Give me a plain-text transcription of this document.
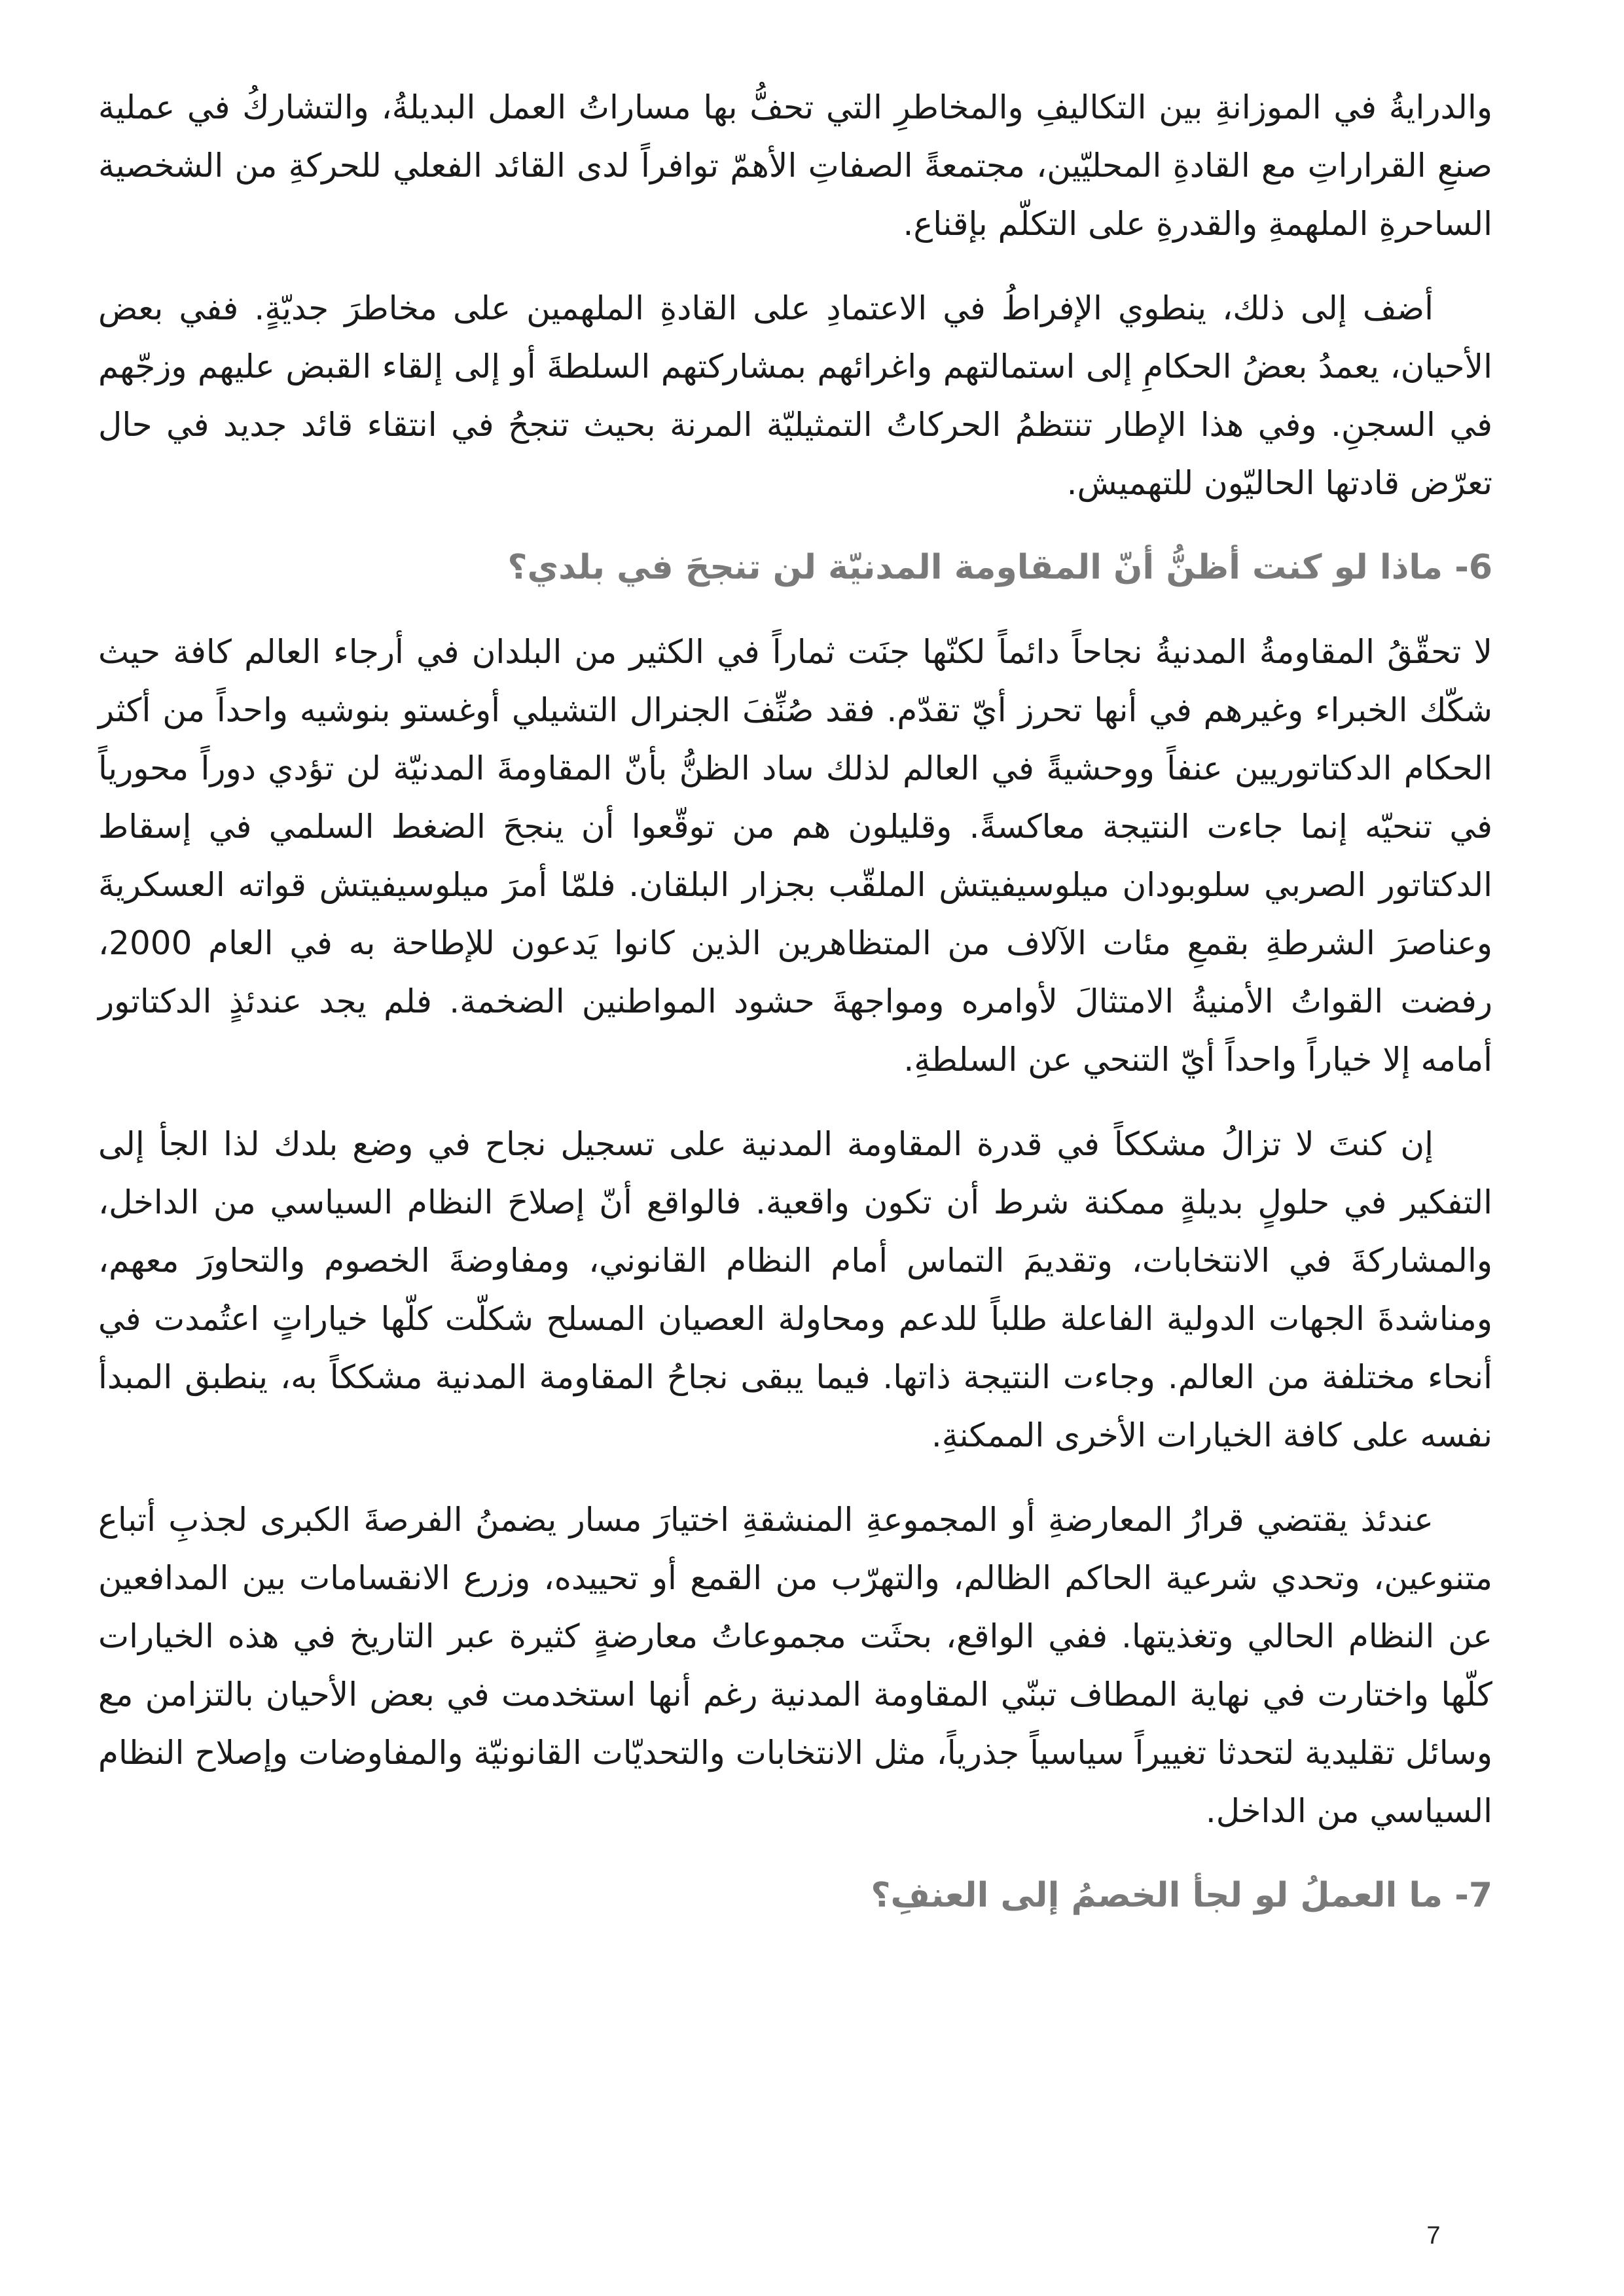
والدرايةُ في الموزانةِ بين التكاليفِ والمخاطرِ التي تحفُّ بها مساراتُ العمل البديلةُ، والتشاركُ في عملية صنعِ القراراتِ مع القادةِ المحليّين، مجتمعةً الصفاتِ الأهمّ توافراً لدى القائد الفعلي للحركةِ من الشخصية الساحرةِ الملهمةِ والقدرةِ على التكلّم بإقناع.

أضف إلى ذلك، ينطوي الإفراطُ في الاعتمادِ على القادةِ الملهمين على مخاطرَ جديّةٍ. ففي بعض الأحيان، يعمدُ بعضُ الحكامِ إلى استمالتهم واغرائهم بمشاركتهم السلطةَ أو إلى إلقاء القبض عليهم وزجّهم في السجنِ. وفي هذا الإطار تنتظمُ الحركاتُ التمثيليّة المرنة بحيث تنجحُ في انتقاء قائد جديد في حال تعرّض قادتها الحاليّون للتهميش.

6- ماذا لو كنت أظنُّ أنّ المقاومة المدنيّة لن تنجحَ في بلدي؟

لا تحقّقُ المقاومةُ المدنيةُ نجاحاً دائماً لكنّها جنَت ثماراً في الكثير من البلدان في أرجاء العالم كافة حيث شكّك الخبراء وغيرهم في أنها تحرز أيّ تقدّم. فقد صُنِّفَ الجنرال التشيلي أوغستو بنوشيه واحداً من أكثر الحكام الدكتاتوريين عنفاً ووحشيةً في العالم لذلك ساد الظنُّ بأنّ المقاومةَ المدنيّة لن تؤدي دوراً محورياً في تنحيّه إنما جاءت النتيجة معاكسةً. وقليلون هم من توقّعوا أن ينجحَ الضغط السلمي في إسقاط الدكتاتور الصربي سلوبودان ميلوسيفيتش الملقّب بجزار البلقان. فلمّا أمرَ ميلوسيفيتش قواته العسكريةَ وعناصرَ الشرطةِ بقمعِ مئات الآلاف من المتظاهرين الذين كانوا يَدعون للإطاحة به في العام 2000، رفضت القواتُ الأمنيةُ الامتثالَ لأوامره ومواجهةَ حشود المواطنين الضخمة. فلم يجد عندئذٍ الدكتاتور أمامه إلا خياراً واحداً أيّ التنحي عن السلطةِ.

إن كنتَ لا تزالُ مشككاً في قدرة المقاومة المدنية على تسجيل نجاح في وضع بلدك لذا الجأ إلى التفكير في حلولٍ بديلةٍ ممكنة شرط أن تكون واقعية. فالواقع أنّ إصلاحَ النظام السياسي من الداخل، والمشاركةَ في الانتخابات، وتقديمَ التماس أمام النظام القانوني، ومفاوضةَ الخصوم والتحاورَ معهم، ومناشدةَ الجهات الدولية الفاعلة طلباً للدعم ومحاولة العصيان المسلح شكلّت كلّها خياراتٍ اعتُمدت في أنحاء مختلفة من العالم. وجاءت النتيجة ذاتها. فيما يبقى نجاحُ المقاومة المدنية مشككاً به، ينطبق المبدأ نفسه على كافة الخيارات الأخرى الممكنةِ.

عندئذ يقتضي قرارُ المعارضةِ أو المجموعةِ المنشقةِ اختيارَ مسار يضمنُ الفرصةَ الكبرى لجذبِ أتباع متنوعين، وتحدي شرعية الحاكم الظالم، والتهرّب من القمع أو تحييده، وزرع الانقسامات بين المدافعين عن النظام الحالي وتغذيتها. ففي الواقع، بحثَت مجموعاتُ معارضةٍ كثيرة عبر التاريخ في هذه الخيارات كلّها واختارت في نهاية المطاف تبنّي المقاومة المدنية رغم أنها استخدمت في بعض الأحيان بالتزامن مع وسائل تقليدية لتحدثا تغييراً سياسياً جذرياً، مثل الانتخابات والتحديّات القانونيّة والمفاوضات وإصلاح النظام السياسي من الداخل.

7- ما العملُ لو لجأ الخصمُ إلى العنفِ؟
7
